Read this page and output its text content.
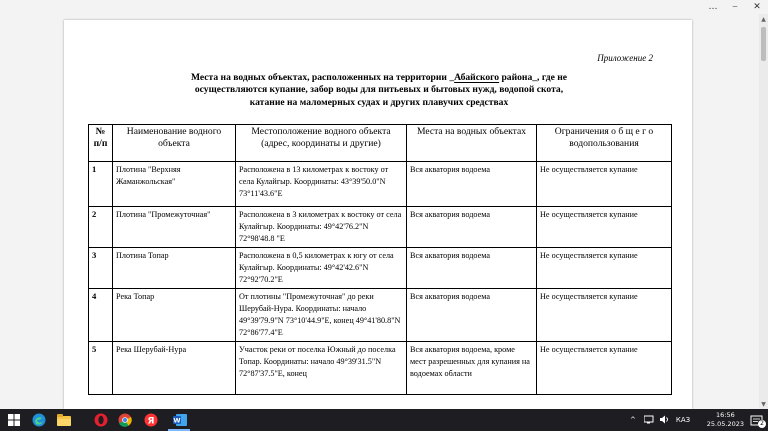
…	⎯	✕
▲
▼
Приложение 2
Места на водных объектах, расположенных на территории _Абайского района_, где не
осуществляются купание, забор воды для питьевых и бытовых нужд, водопой скота,
катание на маломерных судах и других плавучих средствах
№ п/п	Наименование водного объекта	Местоположение водного объекта (адрес, координаты и другие)	Места на водных объектах	Ограничения о б щ е г о водопользования
1	Плотина "Верхняя Жаманжольская"	Расположена в 13 километрах к востоку от села Кулайгыр. Координаты: 43°39'50.0"N 73°11'43.6"E	Вся акватория водоема	Не осуществляется купание
2	Плотина "Промежуточная"	Расположена в 3 километрах к востоку от села Кулайгыр. Координаты: 49°42'76.2"N 72°98'48.8 "E	Вся акватория водоема	Не осуществляется купание
3	Плотина Топар	Расположена в 0,5 километрах к югу от села Кулайгыр. Координаты: 49°42'42.6"N 72°92'70.2"E	Вся акватория водоема	Не осуществляется купание
4	Река Топар	От плотины "Промежуточная" до реки Шерубай-Нура. Координаты: начало 49°39'79.9"N 73°10'44.9"E, конец 49°41'80.8"N 72°86'77.4"E	Вся акватория водоема	Не осуществляется купание
5	Река Шерубай-Нура	Участок реки от поселка Южный до поселка Топар. Координаты: начало 49°39'31.5"N 72°87'37.5"E, конец	Вся акватория водоема, кроме мест разрешенных для купания на водоемах области	Не осуществляется купание
Я	W	^	КАЗ
16:56
25.05.2023	2
